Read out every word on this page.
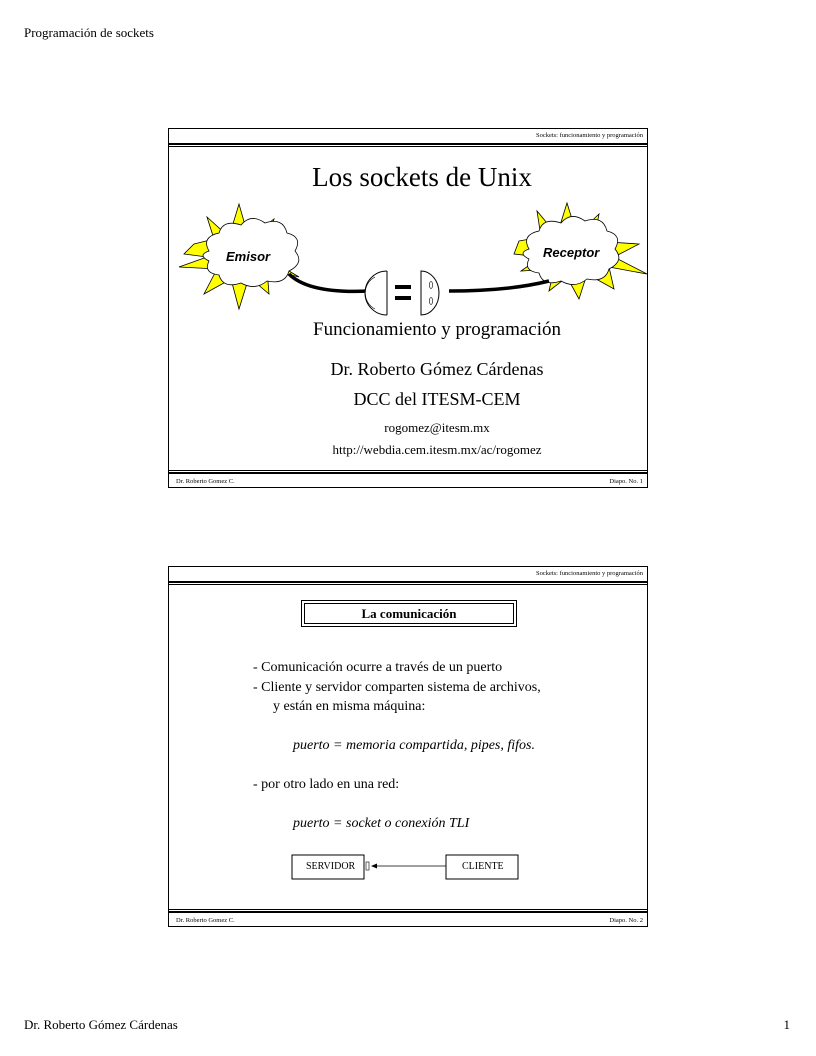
Programación de sockets
Sockets: funcionamiento y programación
Los sockets de Unix
Emisor	Receptor
Funcionamiento y programación
Dr. Roberto Gómez Cárdenas
DCC del ITESM-CEM
rogomez@itesm.mx
http://webdia.cem.itesm.mx/ac/rogomez
Dr. Roberto Gomez C.	Diapo. No. 1
Sockets: funcionamiento y programación
La comunicación
- Comunicación ocurre a través de un puerto
- Cliente y servidor comparten sistema de archivos,
y están en misma máquina:
puerto = memoria compartida, pipes, fifos.
- por otro lado en una red:
puerto = socket o conexión TLI
SERVIDOR	CLIENTE
Dr. Roberto Gomez C.	Diapo. No. 2
Dr. Roberto Gómez Cárdenas	1
